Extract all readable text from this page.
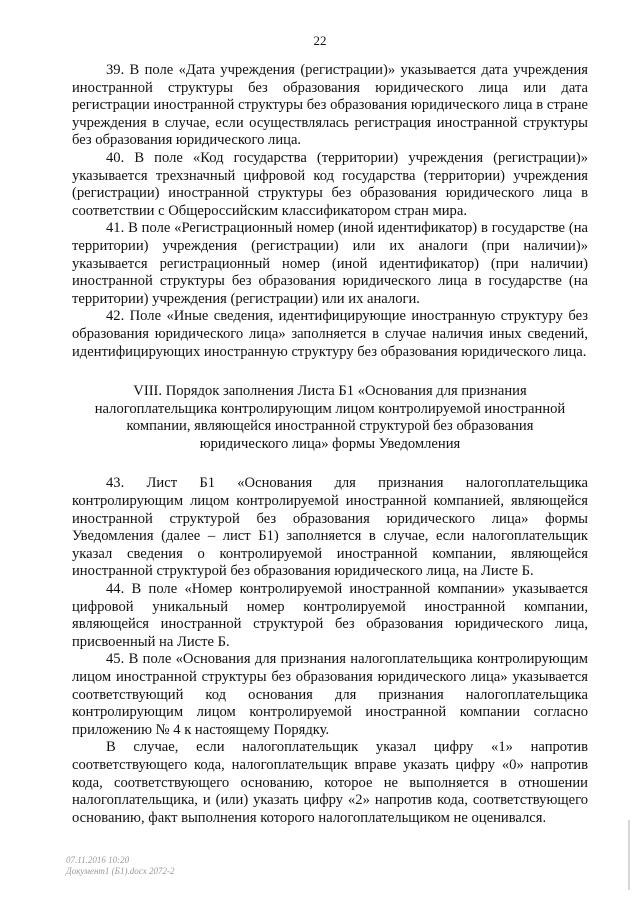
22

39. В поле «Дата учреждения (регистрации)» указывается дата учреждения иностранной структуры без образования юридического лица или дата регистрации иностранной структуры без образования юридического лица в стране учреждения в случае, если осуществлялась регистрация иностранной структуры без образования юридического лица.

40. В поле «Код государства (территории) учреждения (регистрации)» указывается трехзначный цифровой код государства (территории) учреждения (регистрации) иностранной структуры без образования юридического лица в соответствии с Общероссийским классификатором стран мира.

41. В поле «Регистрационный номер (иной идентификатор) в государстве (на территории) учреждения (регистрации) или их аналоги (при наличии)» указывается регистрационный номер (иной идентификатор) (при наличии) иностранной структуры без образования юридического лица в государстве (на территории) учреждения (регистрации) или их аналоги.

42. Поле «Иные сведения, идентифицирующие иностранную структуру без образования юридического лица» заполняется в случае наличия иных сведений, идентифицирующих иностранную структуру без образования юридического лица.

VIII. Порядок заполнения Листа Б1 «Основания для признания налогоплательщика контролирующим лицом контролируемой иностранной компании, являющейся иностранной структурой без образования юридического лица» формы Уведомления

43. Лист Б1 «Основания для признания налогоплательщика контролирующим лицом контролируемой иностранной компанией, являющейся иностранной структурой без образования юридического лица» формы Уведомления (далее – лист Б1) заполняется в случае, если налогоплательщик указал сведения о контролируемой иностранной компании, являющейся иностранной структурой без образования юридического лица, на Листе Б.

44. В поле «Номер контролируемой иностранной компании» указывается цифровой уникальный номер контролируемой иностранной компании, являющейся иностранной структурой без образования юридического лица, присвоенный на Листе Б.

45. В поле «Основания для признания налогоплательщика контролирующим лицом иностранной структуры без образования юридического лица» указывается соответствующий код основания для признания налогоплательщика контролирующим лицом контролируемой иностранной компании согласно приложению № 4 к настоящему Порядку.

В случае, если налогоплательщик указал цифру «1» напротив соответствующего кода, налогоплательщик вправе указать цифру «0» напротив кода, соответствующего основанию, которое не выполняется в отношении налогоплательщика, и (или) указать цифру «2» напротив кода, соответствующего основанию, факт выполнения которого налогоплательщиком не оценивался.

07.11.2016 10:20
Документ1 (Б1).docx 2072-2
